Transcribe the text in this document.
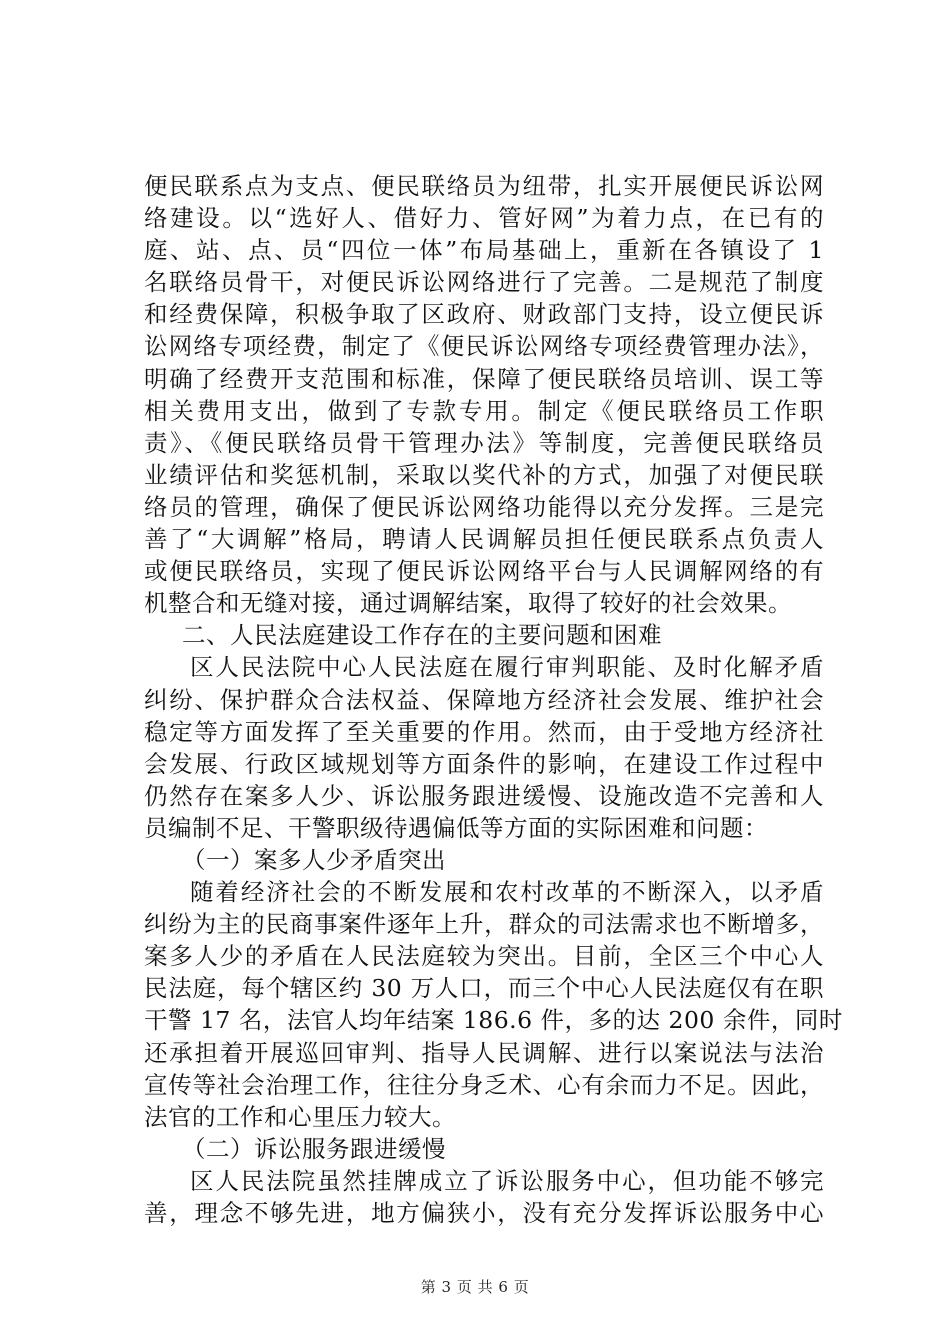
便民联系点为支点、便民联络员为纽带，扎实开展便民诉讼网
络建设。以“选好人、借好力、管好网”为着力点，在已有的
庭、站、点、员“四位一体”布局基础上，重新在各镇设了 1
名联络员骨干，对便民诉讼网络进行了完善。二是规范了制度
和经费保障，积极争取了区政府、财政部门支持，设立便民诉
讼网络专项经费，制定了《便民诉讼网络专项经费管理办法》，
明确了经费开支范围和标准，保障了便民联络员培训、误工等
相关费用支出，做到了专款专用。制定《便民联络员工作职
责》、《便民联络员骨干管理办法》等制度，完善便民联络员
业绩评估和奖惩机制，采取以奖代补的方式，加强了对便民联
络员的管理，确保了便民诉讼网络功能得以充分发挥。三是完
善了“大调解”格局，聘请人民调解员担任便民联系点负责人
或便民联络员，实现了便民诉讼网络平台与人民调解网络的有
机整合和无缝对接，通过调解结案，取得了较好的社会效果。
二、人民法庭建设工作存在的主要问题和困难
区人民法院中心人民法庭在履行审判职能、及时化解矛盾
纠纷、保护群众合法权益、保障地方经济社会发展、维护社会
稳定等方面发挥了至关重要的作用。然而，由于受地方经济社
会发展、行政区域规划等方面条件的影响，在建设工作过程中
仍然存在案多人少、诉讼服务跟进缓慢、设施改造不完善和人
员编制不足、干警职级待遇偏低等方面的实际困难和问题：
（一）案多人少矛盾突出
随着经济社会的不断发展和农村改革的不断深入，以矛盾
纠纷为主的民商事案件逐年上升，群众的司法需求也不断增多，
案多人少的矛盾在人民法庭较为突出。目前，全区三个中心人
民法庭，每个辖区约 30 万人口，而三个中心人民法庭仅有在职
干警 17 名，法官人均年结案 186.6 件，多的达 200 余件，同时
还承担着开展巡回审判、指导人民调解、进行以案说法与法治
宣传等社会治理工作，往往分身乏术、心有余而力不足。因此，
法官的工作和心里压力较大。
（二）诉讼服务跟进缓慢
区人民法院虽然挂牌成立了诉讼服务中心，但功能不够完
善，理念不够先进，地方偏狭小，没有充分发挥诉讼服务中心
第 3 页 共 6 页
